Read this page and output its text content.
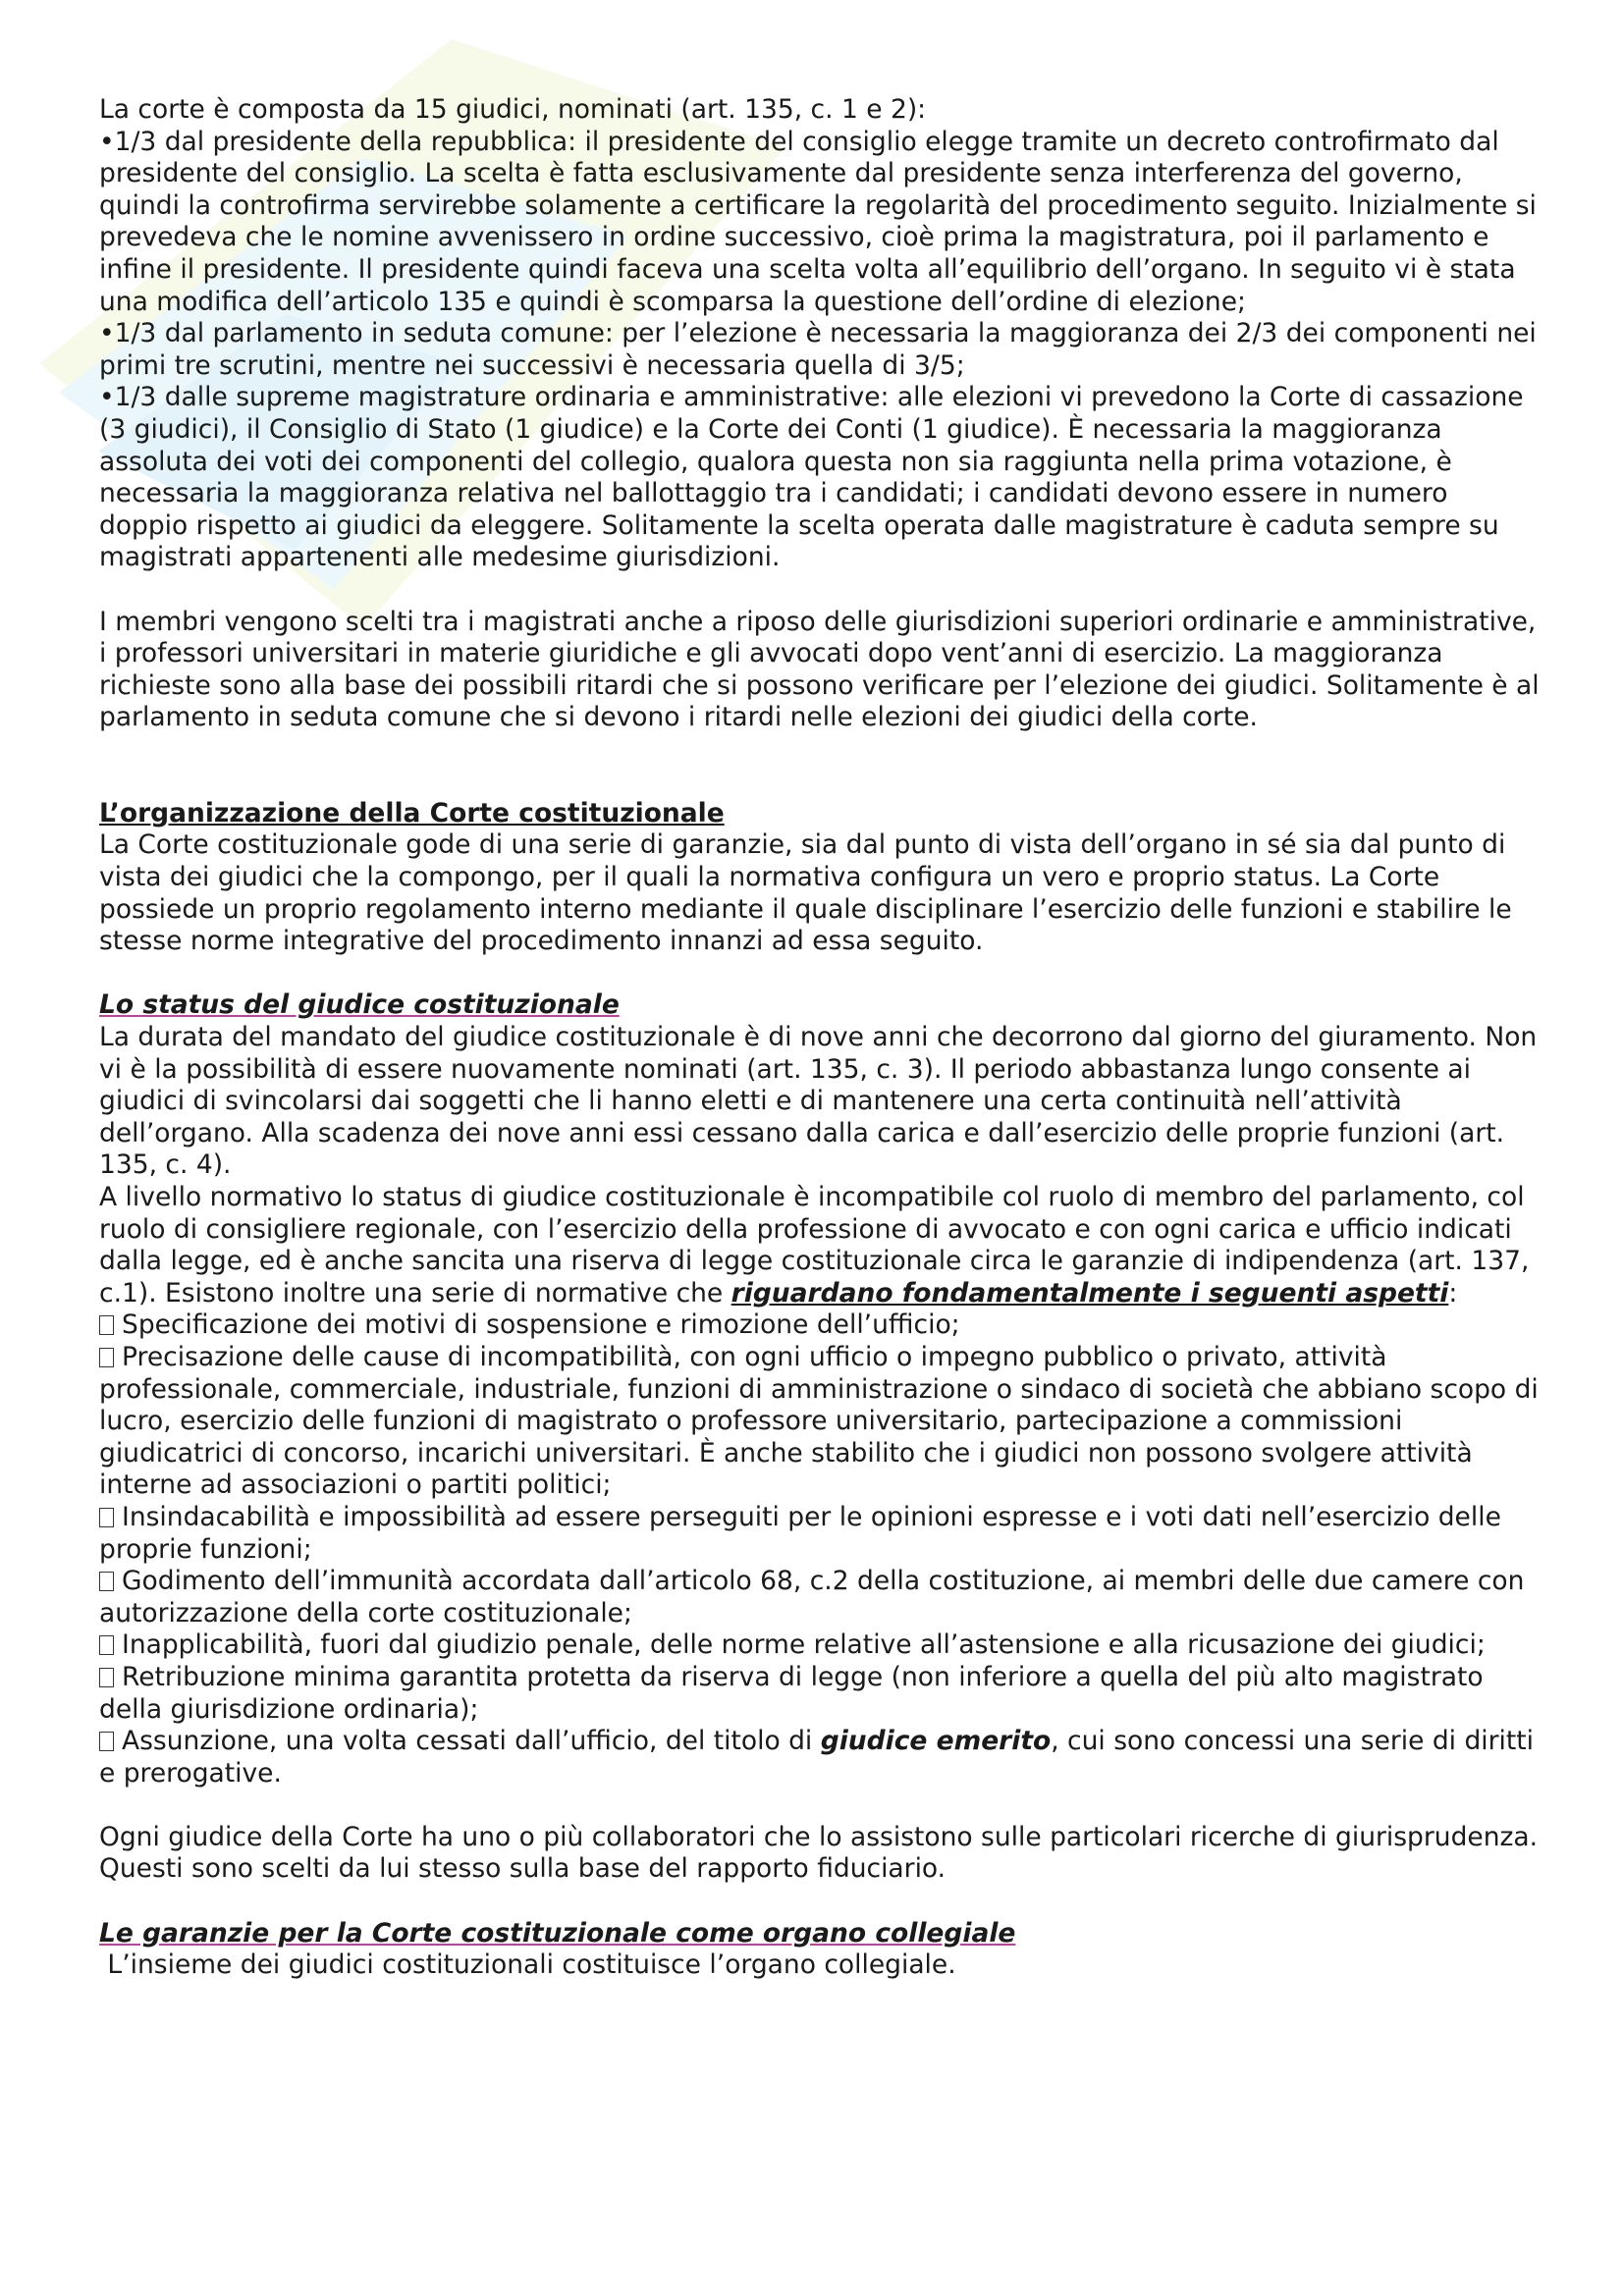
La corte è composta da 15 giudici, nominati (art. 135, c. 1 e 2):

•1/3 dal presidente della repubblica: il presidente del consiglio elegge tramite un decreto controfirmato dal presidente del consiglio. La scelta è fatta esclusivamente dal presidente senza interferenza del governo, quindi la controfirma servirebbe solamente a certificare la regolarità del procedimento seguito. Inizialmente si prevedeva che le nomine avvenissero in ordine successivo, cioè prima la magistratura, poi il parlamento e infine il presidente. Il presidente quindi faceva una scelta volta all’equilibrio dell’organo. In seguito vi è stata una modifica dell’articolo 135 e quindi è scomparsa la questione dell’ordine di elezione;

•1/3 dal parlamento in seduta comune: per l’elezione è necessaria la maggioranza dei 2/3 dei componenti nei primi tre scrutini, mentre nei successivi è necessaria quella di 3/5;

•1/3 dalle supreme magistrature ordinaria e amministrative: alle elezioni vi prevedono la Corte di cassazione (3 giudici), il Consiglio di Stato (1 giudice) e la Corte dei Conti (1 giudice). È necessaria la maggioranza assoluta dei voti dei componenti del collegio, qualora questa non sia raggiunta nella prima votazione, è necessaria la maggioranza relativa nel ballottaggio tra i candidati; i candidati devono essere in numero doppio rispetto ai giudici da eleggere. Solitamente la scelta operata dalle magistrature è caduta sempre su magistrati appartenenti alle medesime giurisdizioni.

I membri vengono scelti tra i magistrati anche a riposo delle giurisdizioni superiori ordinarie e amministrative, i professori universitari in materie giuridiche e gli avvocati dopo vent’anni di esercizio. La maggioranza richieste sono alla base dei possibili ritardi che si possono verificare per l’elezione dei giudici. Solitamente è al parlamento in seduta comune che si devono i ritardi nelle elezioni dei giudici della corte.

L’organizzazione della Corte costituzionale

La Corte costituzionale gode di una serie di garanzie, sia dal punto di vista dell’organo in sé sia dal punto di vista dei giudici che la compongo, per il quali la normativa configura un vero e proprio status. La Corte possiede un proprio regolamento interno mediante il quale disciplinare l’esercizio delle funzioni e stabilire le stesse norme integrative del procedimento innanzi ad essa seguito.

Lo status del giudice costituzionale

La durata del mandato del giudice costituzionale è di nove anni che decorrono dal giorno del giuramento. Non vi è la possibilità di essere nuovamente nominati (art. 135, c. 3). Il periodo abbastanza lungo consente ai giudici di svincolarsi dai soggetti che li hanno eletti e di mantenere una certa continuità nell’attività dell’organo. Alla scadenza dei nove anni essi cessano dalla carica e dall’esercizio delle proprie funzioni (art. 135, c. 4).

A livello normativo lo status di giudice costituzionale è incompatibile col ruolo di membro del parlamento, col ruolo di consigliere regionale, con l’esercizio della professione di avvocato e con ogni carica e ufficio indicati dalla legge, ed è anche sancita una riserva di legge costituzionale circa le garanzie di indipendenza (art. 137, c.1). Esistono inoltre una serie di normative che riguardano fondamentalmente i seguenti aspetti:

Specificazione dei motivi di sospensione e rimozione dell’ufficio;

Precisazione delle cause di incompatibilità, con ogni ufficio o impegno pubblico o privato, attività professionale, commerciale, industriale, funzioni di amministrazione o sindaco di società che abbiano scopo di lucro, esercizio delle funzioni di magistrato o professore universitario, partecipazione a commissioni giudicatrici di concorso, incarichi universitari. È anche stabilito che i giudici non possono svolgere attività interne ad associazioni o partiti politici;

Insindacabilità e impossibilità ad essere perseguiti per le opinioni espresse e i voti dati nell’esercizio delle proprie funzioni;

Godimento dell’immunità accordata dall’articolo 68, c.2 della costituzione, ai membri delle due camere con autorizzazione della corte costituzionale;

Inapplicabilità, fuori dal giudizio penale, delle norme relative all’astensione e alla ricusazione dei giudici;

Retribuzione minima garantita protetta da riserva di legge (non inferiore a quella del più alto magistrato della giurisdizione ordinaria);

Assunzione, una volta cessati dall’ufficio, del titolo di giudice emerito, cui sono concessi una serie di diritti e prerogative.

Ogni giudice della Corte ha uno o più collaboratori che lo assistono sulle particolari ricerche di giurisprudenza. Questi sono scelti da lui stesso sulla base del rapporto fiduciario.

Le garanzie per la Corte costituzionale come organo collegiale

L’insieme dei giudici costituzionali costituisce l’organo collegiale.
